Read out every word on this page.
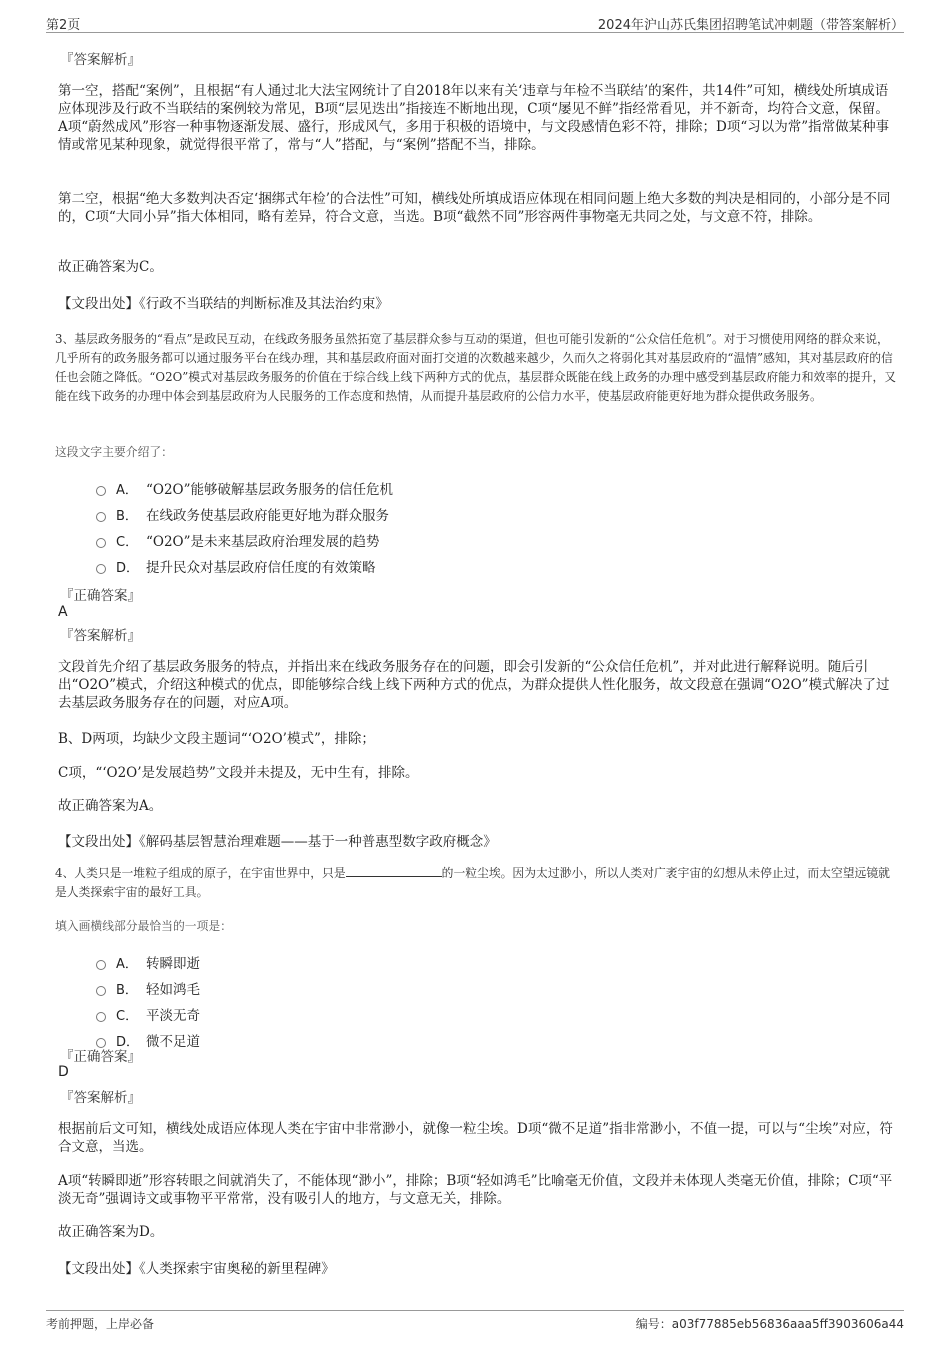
第2页	2024年沪山苏氏集团招聘笔试冲刺题（带答案解析）
『答案解析』
第一空，搭配“案例”，且根据“有人通过北大法宝网统计了自2018年以来有关‘违章与年检不当联结’的案件，共14件”可知，横线处所填成语应体现涉及行政不当联结的案例较为常见，B项“层见迭出”指接连不断地出现，C项“屡见不鲜”指经常看见，并不新奇，均符合文意，保留。A项“蔚然成风”形容一种事物逐渐发展、盛行，形成风气，多用于积极的语境中，与文段感情色彩不符，排除；D项“习以为常”指常做某种事情或常见某种现象，就觉得很平常了，常与“人”搭配，与“案例”搭配不当，排除。
第二空，根据“绝大多数判决否定‘捆绑式年检’的合法性”可知，横线处所填成语应体现在相同问题上绝大多数的判决是相同的，小部分是不同的，C项“大同小异”指大体相同，略有差异，符合文意，当选。B项“截然不同”形容两件事物毫无共同之处，与文意不符，排除。
故正确答案为C。
【文段出处】《行政不当联结的判断标准及其法治约束》
3、基层政务服务的“看点”是政民互动，在线政务服务虽然拓宽了基层群众参与互动的渠道，但也可能引发新的“公众信任危机”。对于习惯使用网络的群众来说，几乎所有的政务服务都可以通过服务平台在线办理，其和基层政府面对面打交道的次数越来越少，久而久之将弱化其对基层政府的“温情”感知，其对基层政府的信任也会随之降低。“O2O”模式对基层政务服务的价值在于综合线上线下两种方式的优点，基层群众既能在线上政务的办理中感受到基层政府能力和效率的提升，又能在线下政务的办理中体会到基层政府为人民服务的工作态度和热情，从而提升基层政府的公信力水平，使基层政府能更好地为群众提供政务服务。
这段文字主要介绍了：
A． “O2O”能够破解基层政务服务的信任危机
B． 在线政务使基层政府能更好地为群众服务
C． “O2O”是未来基层政府治理发展的趋势
D． 提升民众对基层政府信任度的有效策略
『正确答案』
A
『答案解析』
文段首先介绍了基层政务服务的特点，并指出来在线政务服务存在的问题，即会引发新的“公众信任危机”，并对此进行解释说明。随后引出“O2O”模式，介绍这种模式的优点，即能够综合线上线下两种方式的优点，为群众提供人性化服务，故文段意在强调“O2O”模式解决了过去基层政务服务存在的问题，对应A项。
B、D两项，均缺少文段主题词“‘O2O’模式”，排除；
C项，“‘O2O’是发展趋势”文段并未提及，无中生有，排除。
故正确答案为A。
【文段出处】《解码基层智慧治理难题——基于一种普惠型数字政府概念》
4、人类只是一堆粒子组成的原子，在宇宙世界中，只是	的一粒尘埃。因为太过渺小，所以人类对广袤宇宙的幻想从未停止过，而太空望远镜就是人类探索宇宙的最好工具。
填入画横线部分最恰当的一项是：
A． 转瞬即逝
B． 轻如鸿毛
C． 平淡无奇
D． 微不足道
『正确答案』
D
『答案解析』
根据前后文可知，横线处成语应体现人类在宇宙中非常渺小，就像一粒尘埃。D项“微不足道”指非常渺小，不值一提，可以与“尘埃”对应，符合文意，当选。
A项“转瞬即逝”形容转眼之间就消失了，不能体现“渺小”，排除；B项“轻如鸿毛”比喻毫无价值，文段并未体现人类毫无价值，排除；C项“平淡无奇”强调诗文或事物平平常常，没有吸引人的地方，与文意无关，排除。
故正确答案为D。
【文段出处】《人类探索宇宙奥秘的新里程碑》
考前押题，上岸必备	编号：a03f77885eb56836aaa5ff3903606a44
